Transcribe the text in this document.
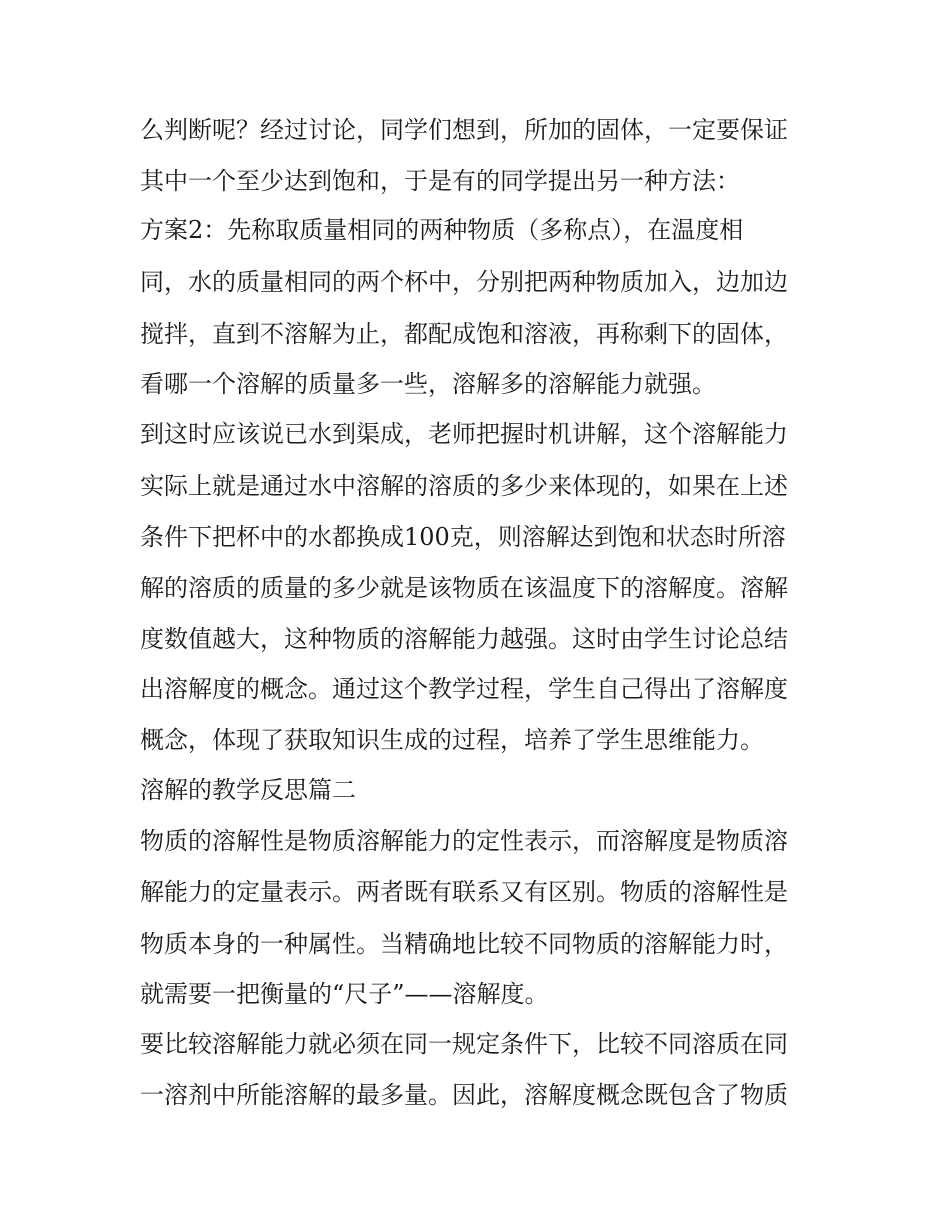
么判断呢？经过讨论，同学们想到，所加的固体，一定要保证
其中一个至少达到饱和，于是有的同学提出另一种方法：
方案2：先称取质量相同的两种物质（多称点），在温度相
同，水的质量相同的两个杯中，分别把两种物质加入，边加边
搅拌，直到不溶解为止，都配成饱和溶液，再称剩下的固体，
看哪一个溶解的质量多一些，溶解多的溶解能力就强。
到这时应该说已水到渠成，老师把握时机讲解，这个溶解能力
实际上就是通过水中溶解的溶质的多少来体现的，如果在上述
条件下把杯中的水都换成100克，则溶解达到饱和状态时所溶
解的溶质的质量的多少就是该物质在该温度下的溶解度。溶解
度数值越大，这种物质的溶解能力越强。这时由学生讨论总结
出溶解度的概念。通过这个教学过程，学生自己得出了溶解度
概念，体现了获取知识生成的过程，培养了学生思维能力。
溶解的教学反思篇二
物质的溶解性是物质溶解能力的定性表示，而溶解度是物质溶
解能力的定量表示。两者既有联系又有区别。物质的溶解性是
物质本身的一种属性。当精确地比较不同物质的溶解能力时，
就需要一把衡量的“尺子”——溶解度。
要比较溶解能力就必须在同一规定条件下，比较不同溶质在同
一溶剂中所能溶解的最多量。因此，溶解度概念既包含了物质
